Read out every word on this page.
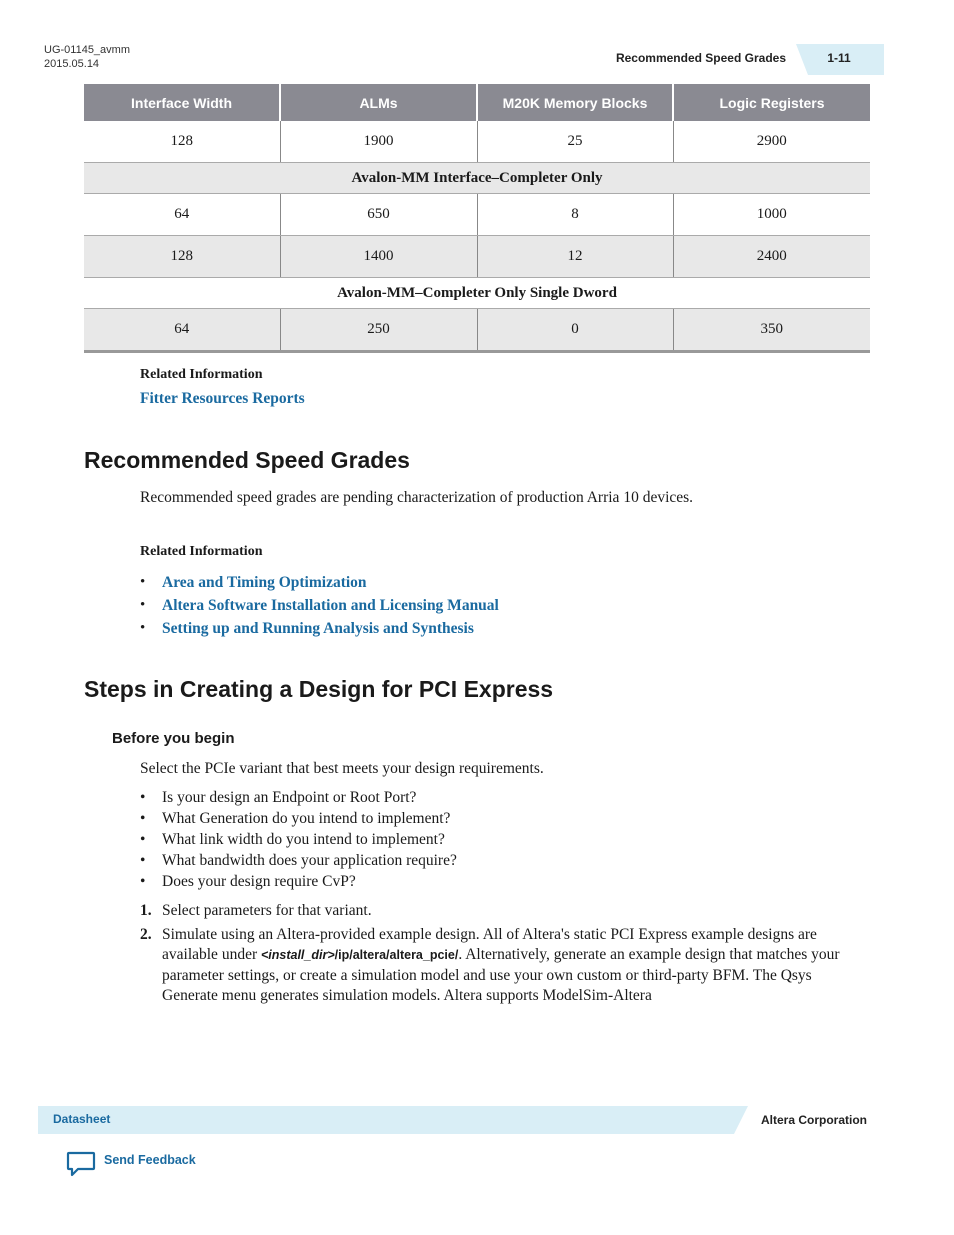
UG-01145_avmm
2015.05.14	Recommended Speed Grades	1-11
Interface Width	ALMs	M20K Memory Blocks	Logic Registers
128	1900	25	2900
Avalon-MM Interface–Completer Only			
64	650	8	1000
128	1400	12	2400
Avalon-MM–Completer Only Single Dword			
64	250	0	350
Related Information
Fitter Resources Reports
Recommended Speed Grades
Recommended speed grades are pending characterization of production Arria 10 devices.
Related Information
• Area and Timing Optimization
• Altera Software Installation and Licensing Manual
• Setting up and Running Analysis and Synthesis
Steps in Creating a Design for PCI Express
Before you begin
Select the PCIe variant that best meets your design requirements.
• Is your design an Endpoint or Root Port?
• What Generation do you intend to implement?
• What link width do you intend to implement?
• What bandwidth does your application require?
• Does your design require CvP?
1. Select parameters for that variant.
2. Simulate using an Altera-provided example design. All of Altera's static PCI Express example designs are available under <install_dir>/ip/altera/altera_pcie/. Alternatively, generate an example design that matches your parameter settings, or create a simulation model and use your own custom or third-party BFM. The Qsys Generate menu generates simulation models. Altera supports ModelSim-Altera
Datasheet	Altera Corporation
Send Feedback
